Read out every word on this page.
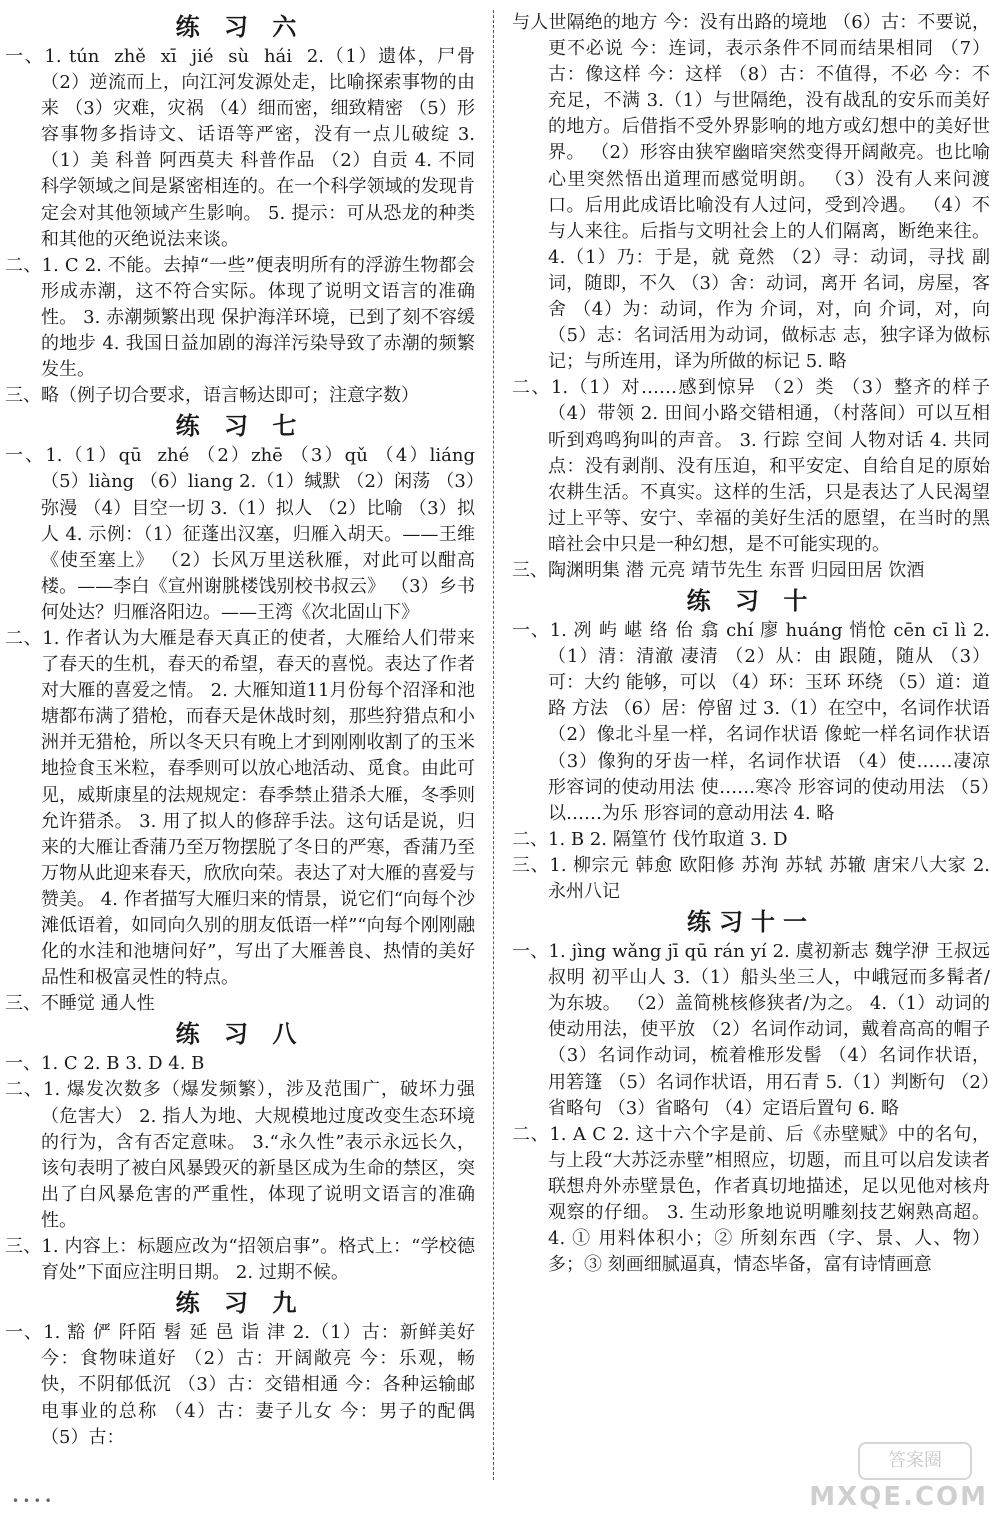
练 习 六
一、1. tún  zhě  xī  jié  sù  hái  2.（1）遗体，尸骨 （2）逆流而上，向江河发源处走，比喻探索事物的由来 （3）灾难，灾祸 （4）细而密，细致精密 （5）形容事物多指诗文、话语等严密，没有一点儿破绽 3.（1）美 科普 阿西莫夫 科普作品 （2）自贡 4. 不同科学领域之间是紧密相连的。在一个科学领域的发现肯定会对其他领域产生影响。 5. 提示：可从恐龙的种类和其他的灭绝说法来谈。
二、1. C 2. 不能。去掉“一些”便表明所有的浮游生物都会形成赤潮，这不符合实际。体现了说明文语言的准确性。 3. 赤潮频繁出现 保护海洋环境，已到了刻不容缓的地步 4. 我国日益加剧的海洋污染导致了赤潮的频繁发生。
三、略（例子切合要求，语言畅达即可；注意字数）
练 习 七
一、1.（1）qū  zhé （2）zhē （3）qǔ （4）liáng （5）liàng （6）liang 2.（1）缄默 （2）闲荡 （3）弥漫 （4）目空一切 3.（1）拟人 （2）比喻 （3）拟人 4. 示例：（1）征蓬出汉塞，归雁入胡天。——王维《使至塞上》 （2）长风万里送秋雁，对此可以酣高楼。——李白《宣州谢朓楼饯别校书叔云》 （3）乡书何处达？归雁洛阳边。——王湾《次北固山下》
二、1. 作者认为大雁是春天真正的使者，大雁给人们带来了春天的生机，春天的希望，春天的喜悦。表达了作者对大雁的喜爱之情。 2. 大雁知道11月份每个沼泽和池塘都布满了猎枪，而春天是休战时刻，那些狩猎点和小洲并无猎枪，所以冬天只有晚上才到刚刚收割了的玉米地捡食玉米粒，春季则可以放心地活动、觅食。由此可见，威斯康星的法规规定：春季禁止猎杀大雁，冬季则允许猎杀。 3. 用了拟人的修辞手法。这句话是说，归来的大雁让香蒲乃至万物摆脱了冬日的严寒，香蒲乃至万物从此迎来春天，欣欣向荣。表达了对大雁的喜爱与赞美。 4. 作者描写大雁归来的情景，说它们“向每个沙滩低语着，如同向久别的朋友低语一样”“向每个刚刚融化的水洼和池塘问好”，写出了大雁善良、热情的美好品性和极富灵性的特点。
三、不睡觉 通人性
练 习 八
一、1. C 2. B 3. D 4. B
二、1. 爆发次数多（爆发频繁），涉及范围广，破坏力强（危害大） 2. 指人为地、大规模地过度改变生态环境的行为，含有否定意味。 3.“永久性”表示永远长久，该句表明了被白风暴毁灭的新垦区成为生命的禁区，突出了白风暴危害的严重性，体现了说明文语言的准确性。
三、1. 内容上：标题应改为“招领启事”。格式上：“学校德育处”下面应注明日期。 2. 过期不候。
练 习 九
一、1. 豁 俨 阡陌 髫 延 邑 诣 津 2.（1）古：新鲜美好 今：食物味道好 （2）古：开阔敞亮 今：乐观，畅快，不阴郁低沉 （3）古：交错相通 今：各种运输邮电事业的总称 （4）古：妻子儿女 今：男子的配偶 （5）古：
与人世隔绝的地方 今：没有出路的境地 （6）古：不要说，更不必说 今：连词，表示条件不同而结果相同 （7）古：像这样 今：这样 （8）古：不值得，不必 今：不充足，不满 3.（1）与世隔绝，没有战乱的安乐而美好的地方。后借指不受外界影响的地方或幻想中的美好世界。 （2）形容由狭窄幽暗突然变得开阔敞亮。也比喻心里突然悟出道理而感觉明朗。 （3）没有人来问渡口。后用此成语比喻没有人过问，受到冷遇。 （4）不与人来往。后指与文明社会上的人们隔离，断绝来往。 4.（1）乃：于是，就 竟然 （2）寻：动词，寻找 副词，随即，不久 （3）舍：动词，离开 名词，房屋，客舍 （4）为：动词，作为 介词，对，向 介词，对，向 （5）志：名词活用为动词，做标志 志，独字译为做标记；与所连用，译为所做的标记 5. 略
二、1.（1）对……感到惊异 （2）类 （3）整齐的样子 （4）带领 2. 田间小路交错相通，（村落间）可以互相听到鸡鸣狗叫的声音。 3. 行踪 空间 人物对话 4. 共同点：没有剥削、没有压迫，和平安定、自给自足的原始农耕生活。不真实。这样的生活，只是表达了人民渴望过上平等、安宁、幸福的美好生活的愿望，在当时的黑暗社会中只是一种幻想，是不可能实现的。
三、陶渊明集 潜 元亮 靖节先生 东晋 归园田居 饮酒
练 习 十
一、1. 冽 屿 嵁 络 佁 翕 chí 廖 huáng 悄怆 cēn cī lì 2.（1）清：清澈 凄清 （2）从：由 跟随，随从 （3）可：大约 能够，可以 （4）环：玉环 环绕 （5）道：道路 方法 （6）居：停留 过 3.（1）在空中，名词作状语 （2）像北斗星一样，名词作状语 像蛇一样名词作状语 （3）像狗的牙齿一样，名词作状语 （4）使……凄凉 形容词的使动用法 使……寒冷 形容词的使动用法 （5）以……为乐 形容词的意动用法 4. 略
二、1. B 2. 隔篁竹 伐竹取道 3. D
三、1. 柳宗元 韩愈 欧阳修 苏洵 苏轼 苏辙 唐宋八大家 2. 永州八记
练习十一
一、1. jìng wǎng jī qū rán yí 2. 虞初新志 魏学洢 王叔远 叔明 初平山人 3.（1）船头坐三人，中峨冠而多髯者/为东坡。 （2）盖简桃核修狭者/为之。 4.（1）动词的使动用法，使平放 （2）名词作动词，戴着高高的帽子 （3）名词作动词，梳着椎形发髻 （4）名词作状语，用箬篷 （5）名词作状语，用石青 5.（1）判断句 （2）省略句 （3）省略句 （4）定语后置句 6. 略
二、1. A C 2. 这十六个字是前、后《赤壁赋》中的名句，与上段“大苏泛赤壁”相照应，切题，而且可以启发读者联想舟外赤壁景色，作者真切地描述，足以见他对核舟观察的仔细。 3. 生动形象地说明雕刻技艺娴熟高超。 4. ① 用料体积小；② 所刻东西（字、景、人、物）多；③ 刻画细腻逼真，情态毕备，富有诗情画意
• • • •
答案圈
MXQE.COM
